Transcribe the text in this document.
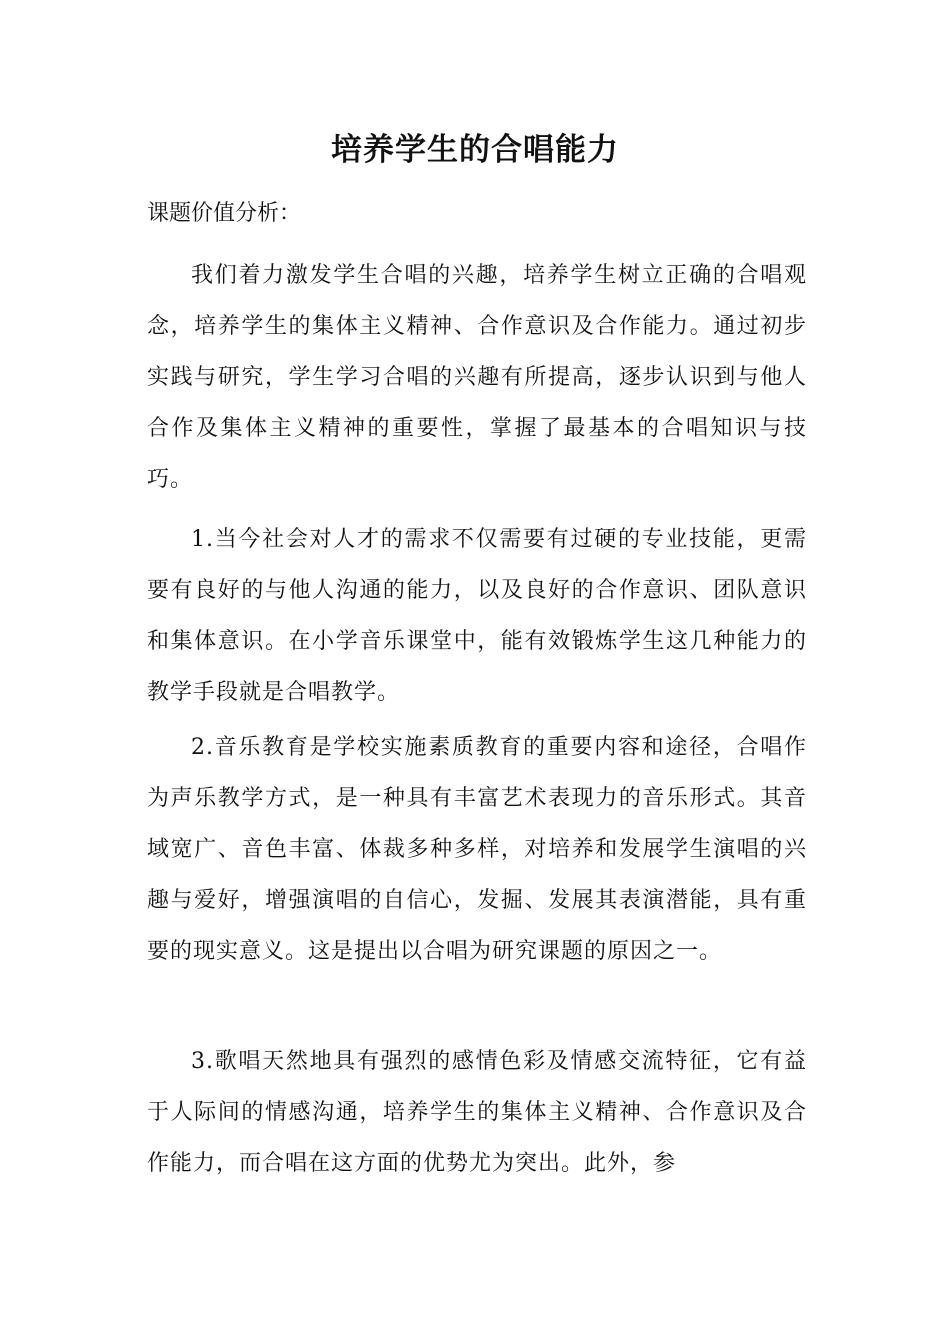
培养学生的合唱能力

课题价值分析：

我们着力激发学生合唱的兴趣，培养学生树立正确的合唱观念，培养学生的集体主义精神、合作意识及合作能力。通过初步实践与研究，学生学习合唱的兴趣有所提高，逐步认识到与他人合作及集体主义精神的重要性，掌握了最基本的合唱知识与技巧。

1.当今社会对人才的需求不仅需要有过硬的专业技能，更需要有良好的与他人沟通的能力，以及良好的合作意识、团队意识和集体意识。在小学音乐课堂中，能有效锻炼学生这几种能力的教学手段就是合唱教学。

2.音乐教育是学校实施素质教育的重要内容和途径，合唱作为声乐教学方式，是一种具有丰富艺术表现力的音乐形式。其音域宽广、音色丰富、体裁多种多样，对培养和发展学生演唱的兴趣与爱好，增强演唱的自信心，发掘、发展其表演潜能，具有重要的现实意义。这是提出以合唱为研究课题的原因之一。

3.歌唱天然地具有强烈的感情色彩及情感交流特征，它有益于人际间的情感沟通，培养学生的集体主义精神、合作意识及合作能力，而合唱在这方面的优势尤为突出。此外，参
